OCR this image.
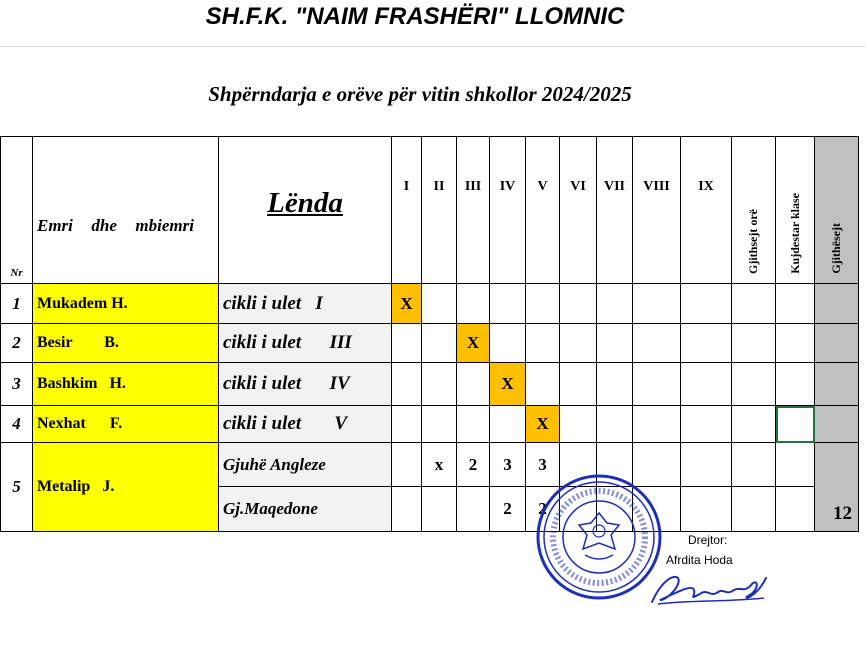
SH.F.K. "NAIM FRASHËRI" LLOMNIC
Shpërndarja e orëve për vitin shkollor 2024/2025
Nr	Emri dhe mbiemri	Lënda	I	II	III	IV	V	VI	VII	VIII	IX	Gjithsejt orë	Kujdestar klase	Gjithësejt
1	Mukadem H.	cikli i ulet   I	X											
2	Besir        B.	cikli i ulet      III			X									
3	Bashkim   H.	cikli i ulet      IV				X								
4	Nexhat      F.	cikli i ulet       V					X							
5	Metalip   J.	Gjuhë Angleze		x	2	3	3							12
		Gj.Maqedone				2	2							
Drejtor:
Afrdita Hoda
